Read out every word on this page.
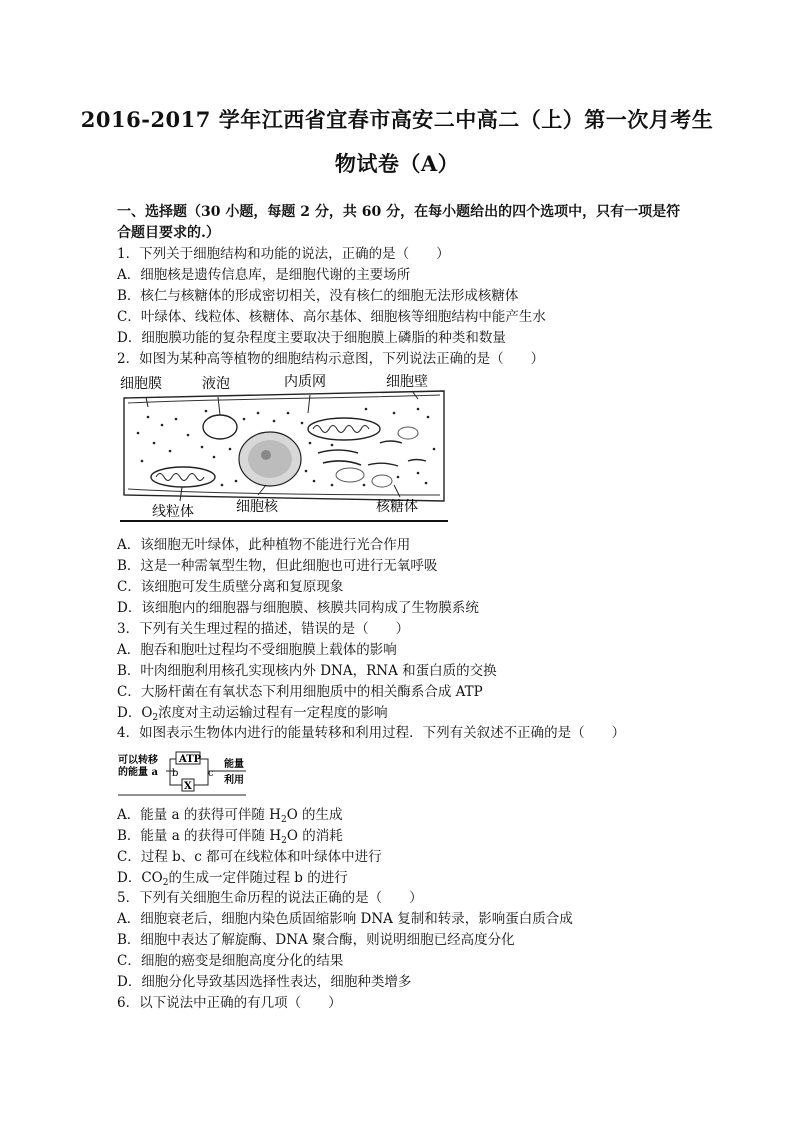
2016-2017 学年江西省宜春市高安二中高二（上）第一次月考生
物试卷（A）
一、选择题（30 小题，每题 2 分，共 60 分，在每小题给出的四个选项中，只有一项是符合题目要求的.）
1．下列关于细胞结构和功能的说法，正确的是（　　）
A．细胞核是遗传信息库，是细胞代谢的主要场所
B．核仁与核糖体的形成密切相关，没有核仁的细胞无法形成核糖体
C．叶绿体、线粒体、核糖体、高尔基体、细胞核等细胞结构中能产生水
D．细胞膜功能的复杂程度主要取决于细胞膜上磷脂的种类和数量
2．如图为某种高等植物的细胞结构示意图，下列说法正确的是（　　）
细胞膜	液泡	内质网	细胞壁
线粒体	细胞核	核糖体
A．该细胞无叶绿体，此种植物不能进行光合作用
B．这是一种需氧型生物，但此细胞也可进行无氧呼吸
C．该细胞可发生质壁分离和复原现象
D．该细胞内的细胞器与细胞膜、核膜共同构成了生物膜系统
3．下列有关生理过程的描述，错误的是（　　）
A．胞吞和胞吐过程均不受细胞膜上载体的影响
B．叶肉细胞利用核孔实现核内外 DNA，RNA 和蛋白质的交换
C．大肠杆菌在有氧状态下利用细胞质中的相关酶系合成 ATP
D．$O_2$浓度对主动运输过程有一定程度的影响
4．如图表示生物体内进行的能量转移和利用过程．下列有关叙述不正确的是（　　）
可以转移
的能量 a
ATP
X
b	c
能量
利用
A．能量 a 的获得可伴随 $H_2O$ 的生成
B．能量 a 的获得可伴随 $H_2O$ 的消耗
C．过程 b、c 都可在线粒体和叶绿体中进行
D．$CO_2$的生成一定伴随过程 b 的进行
5．下列有关细胞生命历程的说法正确的是（　　）
A．细胞衰老后，细胞内染色质固缩影响 DNA 复制和转录，影响蛋白质合成
B．细胞中表达了解旋酶、DNA 聚合酶，则说明细胞已经高度分化
C．细胞的癌变是细胞高度分化的结果
D．细胞分化导致基因选择性表达，细胞种类增多
6．以下说法中正确的有几项（　　）
